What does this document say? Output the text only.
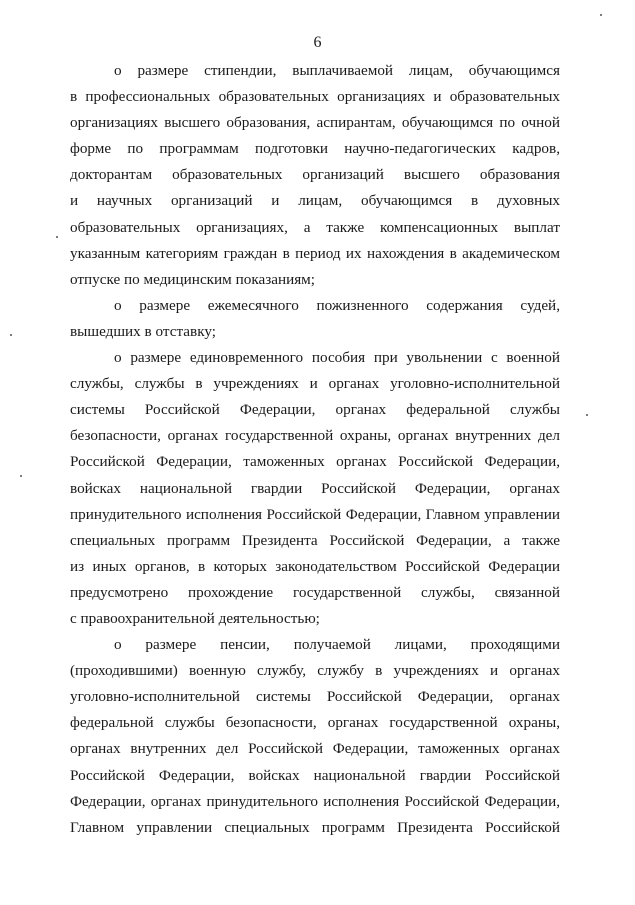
6

о размере стипендии, выплачиваемой лицам, обучающимся
в профессиональных образовательных организациях и образовательных
организациях высшего образования, аспирантам, обучающимся по очной
форме по программам подготовки научно-педагогических кадров,
докторантам образовательных организаций высшего образования
и научных организаций и лицам, обучающимся в духовных
образовательных организациях, а также компенсационных выплат
указанным категориям граждан в период их нахождения в академическом
отпуске по медицинским показаниям;

о размере ежемесячного пожизненного содержания судей,
вышедших в отставку;

о размере единовременного пособия при увольнении с военной
службы, службы в учреждениях и органах уголовно-исполнительной
системы Российской Федерации, органах федеральной службы
безопасности, органах государственной охраны, органах внутренних дел
Российской Федерации, таможенных органах Российской Федерации,
войсках национальной гвардии Российской Федерации, органах
принудительного исполнения Российской Федерации, Главном управлении
специальных программ Президента Российской Федерации, а также
из иных органов, в которых законодательством Российской Федерации
предусмотрено прохождение государственной службы, связанной
с правоохранительной деятельностью;

о размере пенсии, получаемой лицами, проходящими
(проходившими) военную службу, службу в учреждениях и органах
уголовно-исполнительной системы Российской Федерации, органах
федеральной службы безопасности, органах государственной охраны,
органах внутренних дел Российской Федерации, таможенных органах
Российской Федерации, войсках национальной гвардии Российской
Федерации, органах принудительного исполнения Российской Федерации,
Главном управлении специальных программ Президента Российской
